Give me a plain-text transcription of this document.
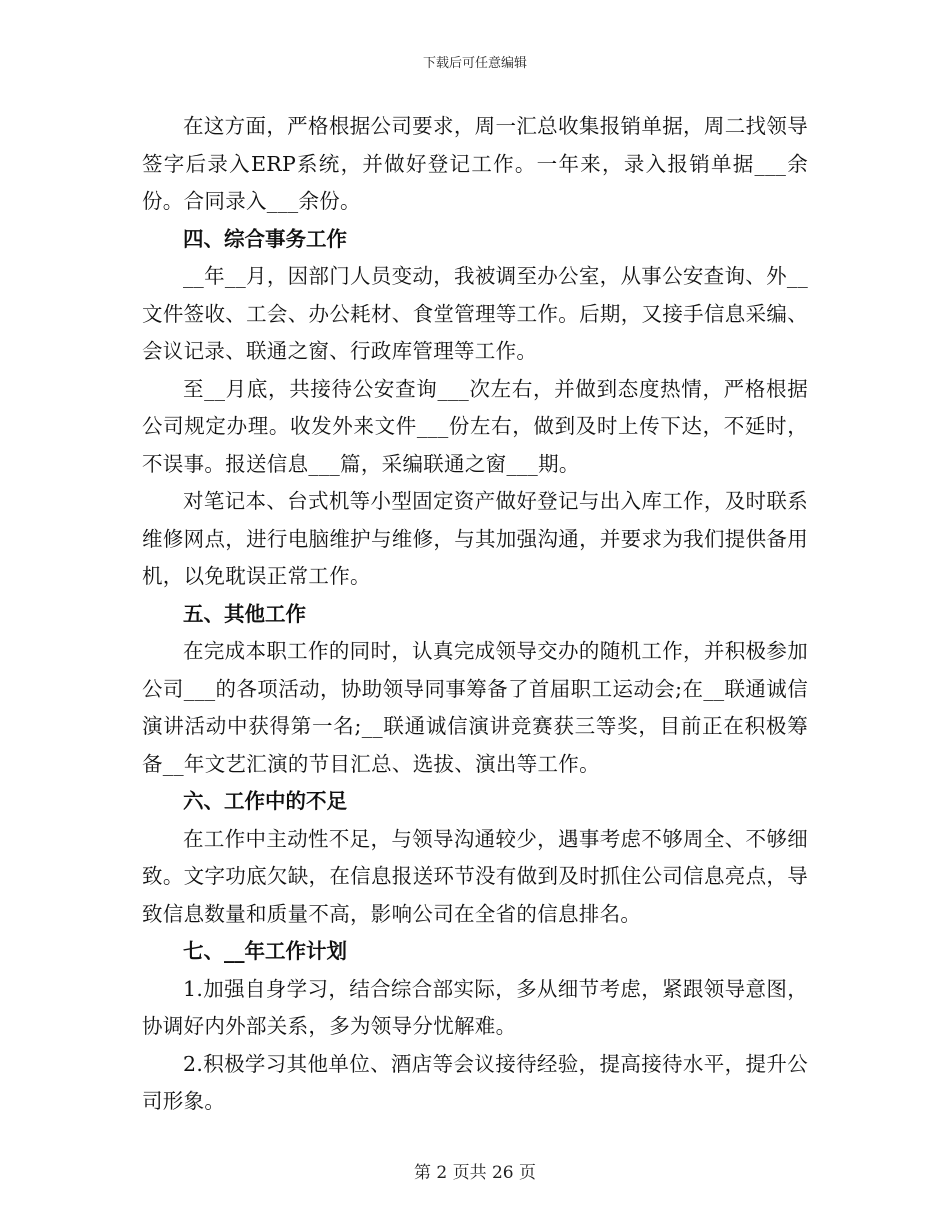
下载后可任意编辑

在这方面，严格根据公司要求，周一汇总收集报销单据，周二找领导签字后录入ERP系统，并做好登记工作。一年来，录入报销单据___余份。合同录入___余份。

四、综合事务工作

__年__月，因部门人员变动，我被调至办公室，从事公安查询、外__文件签收、工会、办公耗材、食堂管理等工作。后期，又接手信息采编、会议记录、联通之窗、行政库管理等工作。

至__月底，共接待公安查询___次左右，并做到态度热情，严格根据公司规定办理。收发外来文件___份左右，做到及时上传下达，不延时，不误事。报送信息___篇，采编联通之窗___期。

对笔记本、台式机等小型固定资产做好登记与出入库工作，及时联系维修网点，进行电脑维护与维修，与其加强沟通，并要求为我们提供备用机，以免耽误正常工作。

五、其他工作

在完成本职工作的同时，认真完成领导交办的随机工作，并积极参加公司___的各项活动，协助领导同事筹备了首届职工运动会;在__联通诚信演讲活动中获得第一名;__联通诚信演讲竞赛获三等奖，目前正在积极筹备__年文艺汇演的节目汇总、选拔、演出等工作。

六、工作中的不足

在工作中主动性不足，与领导沟通较少，遇事考虑不够周全、不够细致。文字功底欠缺，在信息报送环节没有做到及时抓住公司信息亮点，导致信息数量和质量不高，影响公司在全省的信息排名。

七、__年工作计划

1.加强自身学习，结合综合部实际，多从细节考虑，紧跟领导意图，协调好内外部关系，多为领导分忧解难。

2.积极学习其他单位、酒店等会议接待经验，提高接待水平，提升公司形象。

第 2 页共 26 页
